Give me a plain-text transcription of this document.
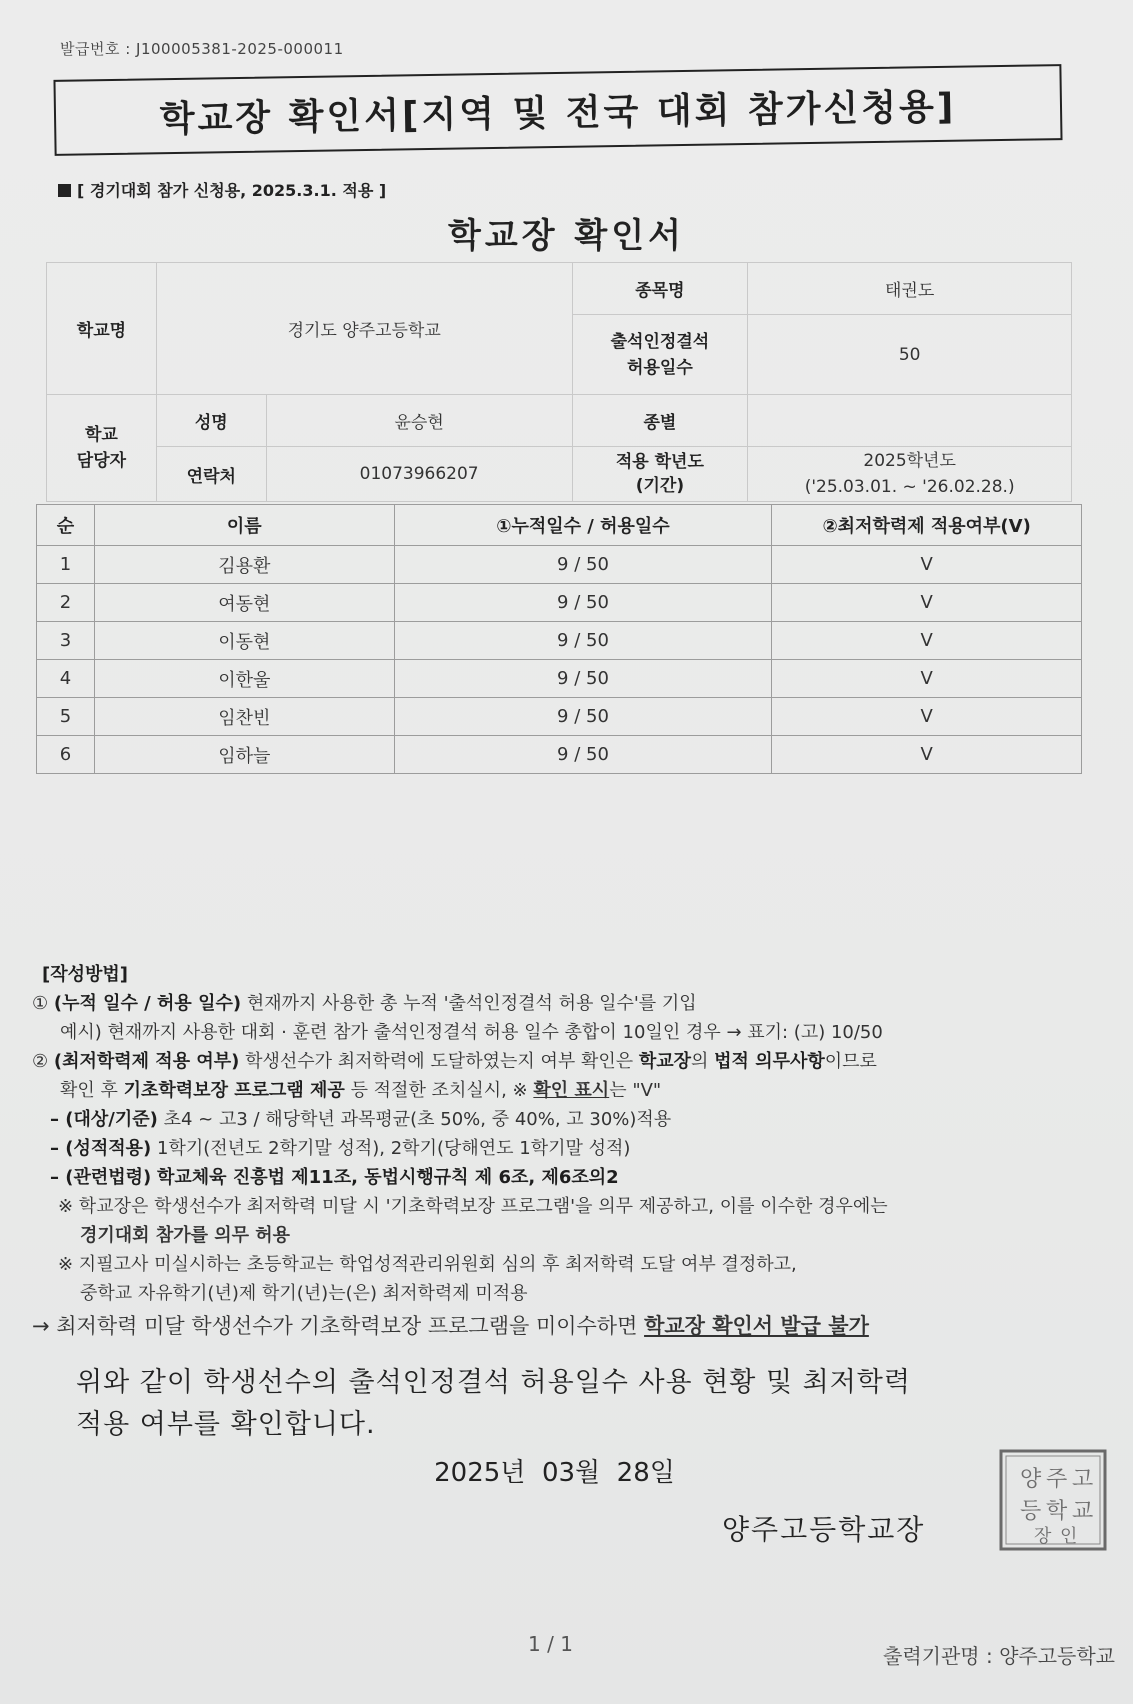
발급번호 : J100005381-2025-000011
학교장 확인서[지역 및 전국 대회 참가신청용]
[ 경기대회 참가 신청용, 2025.3.1. 적용 ]
학교장 확인서
학교명	경기도 양주고등학교		종목명	태권도
			출석인정결석
허용일수	50
학교
담당자	성명	윤승현	종별	
	연락처	01073966207	적용 학년도
(기간)	2025학년도
('25.03.01. ~ '26.02.28.)
순	이름	①누적일수 / 허용일수	②최저학력제 적용여부(V)
1	김용환	9 / 50	V
2	여동현	9 / 50	V
3	이동현	9 / 50	V
4	이한울	9 / 50	V
5	임찬빈	9 / 50	V
6	임하늘	9 / 50	V
[작성방법]
① (누적 일수 / 허용 일수) 현재까지 사용한 총 누적 '출석인정결석 허용 일수'를 기입
예시) 현재까지 사용한 대회 · 훈련 참가 출석인정결석 허용 일수 총합이 10일인 경우 → 표기: (고) 10/50
② (최저학력제 적용 여부) 학생선수가 최저학력에 도달하였는지 여부 확인은 학교장의 법적 의무사항이므로
확인 후 기초학력보장 프로그램 제공 등 적절한 조치실시, ※ 확인 표시는 "V"
– (대상/기준) 초4 ~ 고3 / 해당학년 과목평균(초 50%, 중 40%, 고 30%)적용
– (성적적용) 1학기(전년도 2학기말 성적), 2학기(당해연도 1학기말 성적)
– (관련법령) 학교체육 진흥법 제11조, 동법시행규칙 제 6조, 제6조의2
※ 학교장은 학생선수가 최저학력 미달 시 '기초학력보장 프로그램'을 의무 제공하고, 이를 이수한 경우에는
경기대회 참가를 의무 허용
※ 지필고사 미실시하는 초등학교는 학업성적관리위원회 심의 후 최저학력 도달 여부 결정하고,
중학교 자유학기(년)제 학기(년)는(은) 최저학력제 미적용
→ 최저학력 미달 학생선수가 기초학력보장 프로그램을 미이수하면 학교장 확인서 발급 불가
위와 같이 학생선수의 출석인정결석 허용일수 사용 현황 및 최저학력
적용 여부를 확인합니다.
2025년  03월  28일
양주고등학교장
양 주 고
등 학 교
장 인
1 / 1	출력기관명 : 양주고등학교
